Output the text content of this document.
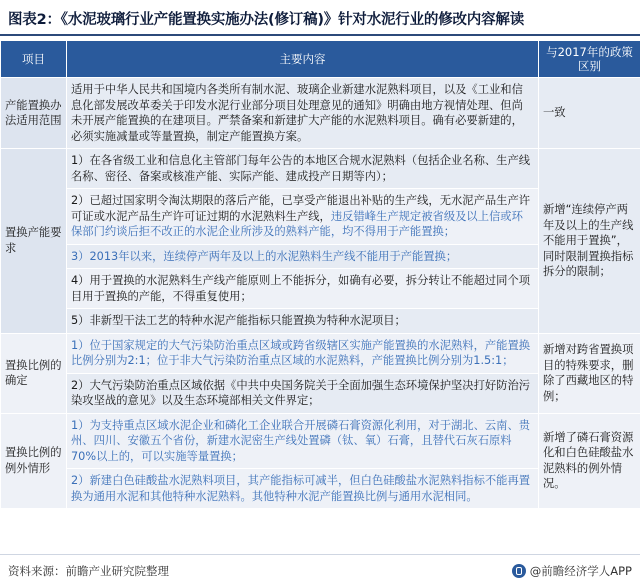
图表2：《水泥玻璃行业产能置换实施办法(修订稿)》针对水泥行业的修改内容解读
项目	主要内容	与2017年的政策区别
产能置换办法适用范围	适用于中华人民共和国境内各类所有制水泥、玻璃企业新建水泥熟料项目，以及《工业和信息化部发展改革委关于印发水泥行业部分项目处理意见的通知》明确由地方视情处理、但尚未开展产能置换的在建项目。严禁备案和新建扩大产能的水泥熟料项目。确有必要新建的，必须实施减量或等量置换，制定产能置换方案。	一致
置换产能要求	1）在各省级工业和信息化主管部门每年公告的本地区合规水泥熟料（包括企业名称、生产线名称、密径、备案或核准产能、实际产能、建成投产日期等内）；	新增“连续停产两年及以上的生产线不能用于置换”，同时限制置换指标拆分的限制；
	2）已超过国家明令淘汰期限的落后产能，已享受产能退出补贴的生产线，无水泥产品生产许可证或水泥产品生产许可证过期的水泥熟料生产线，违反错峰生产规定被省级及以上信或环保部门约谈后拒不改正的水泥企业所涉及的熟料产能，均不得用于产能置换；	
	3）2013年以来，连续停产两年及以上的水泥熟料生产线不能用于产能置换；	
	4）用于置换的水泥熟料生产线产能原则上不能拆分，如确有必要，拆分转让不能超过同个项目用于置换的产能，不得重复使用；	
	5）非新型干法工艺的特种水泥产能指标只能置换为特种水泥项目；	
置换比例的确定	1）位于国家规定的大气污染防治重点区域或跨省级辖区实施产能置换的水泥熟料，产能置换比例分别为2:1；位于非大气污染防治重点区域的水泥熟料，产能置换比例分别为1.5:1；	新增对跨省置换项目的特殊要求，删除了西藏地区的特例；
	2）大气污染防治重点区域依据《中共中央国务院关于全面加强生态环境保护坚决打好防治污染攻坚战的意见》以及生态环境部相关文件界定；	
置换比例的例外情形	1）为支持重点区域水泥企业和磷化工企业联合开展磷石膏资源化利用，对于湖北、云南、贵州、四川、安徽五个省份，新建水泥密生产线处置磷（钛、氧）石膏，且替代石灰石原料70%以上的，可以实施等量置换；	新增了磷石膏资源化和白色硅酸盐水泥熟料的例外情况。
	2）新建白色硅酸盐水泥熟料项目，其产能指标可减半，但白色硅酸盐水泥熟料指标不能再置换为通用水泥和其他特种水泥熟料。其他特种水泥产能置换比例与通用水泥相同。	
资料来源：前瞻产业研究院整理	@前瞻经济学人APP
